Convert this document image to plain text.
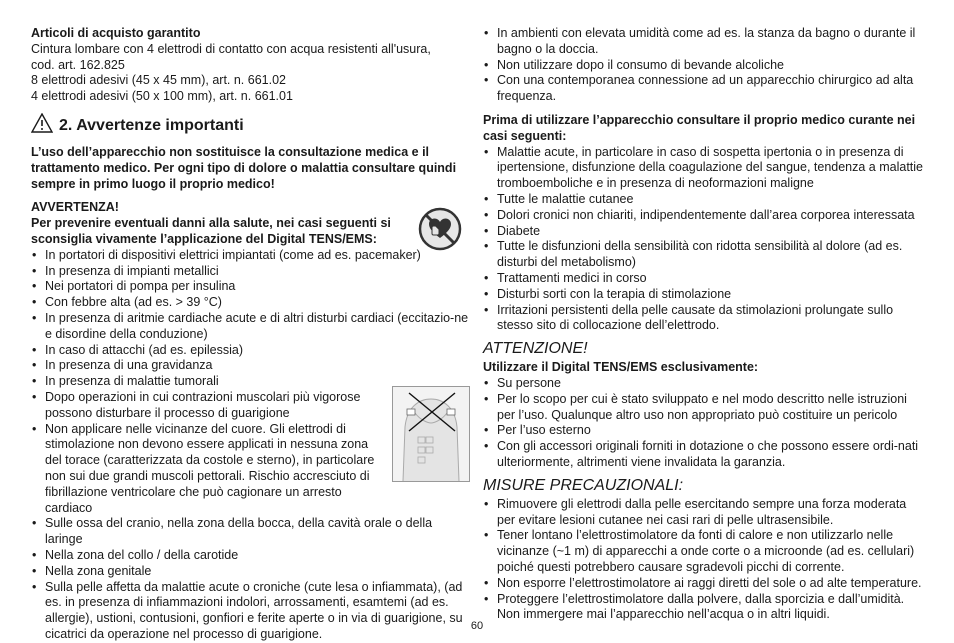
Articoli di acquisto garantito

Cintura lombare con 4 elettrodi di contatto con acqua resistenti all'usura,

cod. art. 162.825

8 elettrodi adesivi (45 x 45 mm), art. n. 661.02

4 elettrodi adesivi (50 x 100 mm), art. n. 661.01

2. Avvertenze importanti

L’uso dell’apparecchio non sostituisce la consultazione medica e il trattamento medico. Per ogni tipo di dolore o malattia consultare quindi sempre in primo luogo il proprio medico!

AVVERTENZA!

Per prevenire eventuali danni alla salute, nei casi seguenti si sconsiglia vivamente l’applicazione del Digital TENS/EMS:

• In portatori di dispositivi elettrici impiantati (come ad es. pacemaker)
• In presenza di impianti metallici
• Nei portatori di pompa per insulina
• Con febbre alta (ad es. > 39 °C)
• In presenza di aritmie cardiache acute e di altri disturbi cardiaci (eccitazio-ne e disordine della conduzione)
• In caso di attacchi (ad es. epilessia)
• In presenza di una gravidanza
• In presenza di malattie tumorali
• Dopo operazioni in cui contrazioni muscolari più vigorose possono disturbare il processo di guarigione
• Non applicare nelle vicinanze del cuore. Gli elettrodi di stimolazione non devono essere applicati in nessuna zona del torace (caratterizzata da costole e sterno), in particolare non sui due grandi muscoli pettorali. Rischio accresciuto di fibrillazione ventricolare che può cagionare un arresto cardiaco
• Sulle ossa del cranio, nella zona della bocca, della cavità orale o della laringe
• Nella zona del collo / della carotide
• Nella zona genitale
• Sulla pelle affetta da malattie acute o croniche (cute lesa o infiammata), (ad es. in presenza di infiammazioni indolori, arrossamenti, esamtemi (ad es. allergie), ustioni, contusioni, gonfiori e ferite aperte o in via di guarigione, su cicatrici da operazione nel processo di guarigione.
• In ambienti con elevata umidità come ad es. la stanza da bagno o durante il bagno o la doccia.
• Non utilizzare dopo il consumo di bevande alcoliche
• Con una contemporanea connessione ad un apparecchio chirurgico ad alta frequenza.

Prima di utilizzare l’apparecchio consultare il proprio medico curante nei casi seguenti:

• Malattie acute, in particolare in caso di sospetta ipertonia o in presenza di ipertensione, disfunzione della coagulazione del sangue, tendenza a malattie tromboemboliche e in presenza di neoformazioni maligne
• Tutte le malattie cutanee
• Dolori cronici non chiariti, indipendentemente dall’area corporea interessata
• Diabete
• Tutte le disfunzioni della sensibilità con ridotta sensibilità al dolore (ad es. disturbi del metabolismo)
• Trattamenti medici in corso
• Disturbi sorti con la terapia di stimolazione
• Irritazioni persistenti della pelle causate da stimolazioni prolungate sullo stesso sito di collocazione dell’elettrodo.
ATTENZIONE!

Utilizzare il Digital TENS/EMS esclusivamente:

• Su persone
• Per lo scopo per cui è stato sviluppato e nel modo descritto nelle istruzioni per l’uso. Qualunque altro uso non appropriato può costituire un pericolo
• Per l’uso esterno
• Con gli accessori originali forniti in dotazione o che possono essere ordi-nati ulteriormente, altrimenti viene invalidata la garanzia.
MISURE PRECAUZIONALI:
• Rimuovere gli elettrodi dalla pelle esercitando sempre una forza moderata per evitare lesioni cutanee nei casi rari di pelle ultrasensibile.
• Tener lontano l’elettrostimolatore da fonti di calore e non utilizzarlo nelle vicinanze (~1 m) di apparecchi a onde corte o a microonde (ad es. cellulari) poiché questi potrebbero causare sgradevoli picchi di corrente.
• Non esporre l’elettrostimolatore ai raggi diretti del sole o ad alte temperature.
• Proteggere l’elettrostimolatore dalla polvere, dalla sporcizia e dall’umidità. Non immergere mai l’apparecchio nell’acqua o in altri liquidi.
60
